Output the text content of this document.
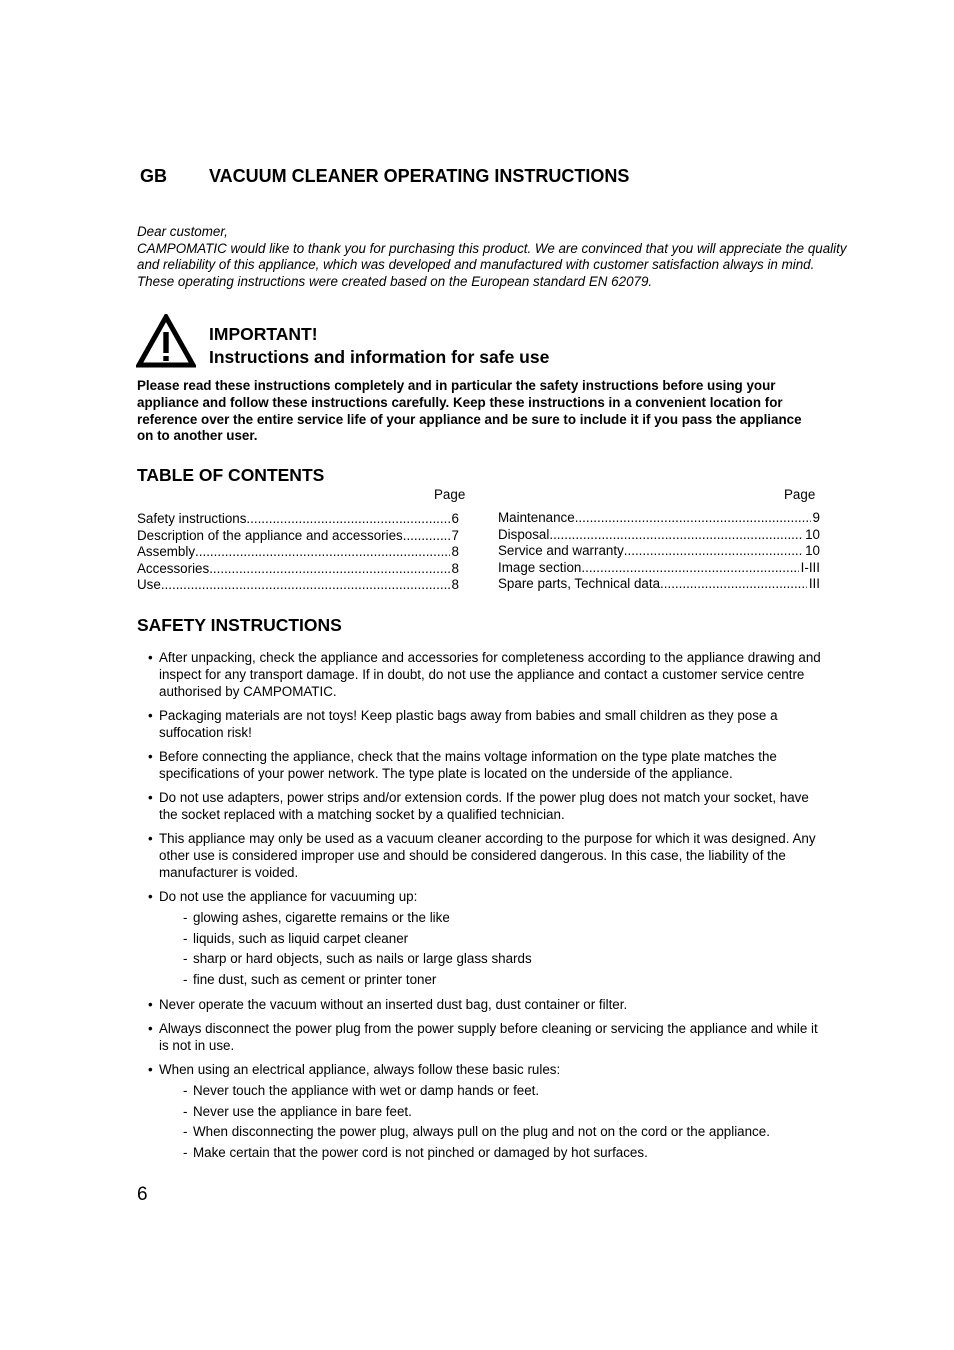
GB VACUUM CLEANER OPERATING INSTRUCTIONS

Dear customer,

CAMPOMATIC would like to thank you for purchasing this product. We are convinced that you will appreciate the quality and reliability of this appliance, which was developed and manufactured with customer satisfaction always in mind.

These operating instructions were created based on the European standard EN 62079.

IMPORTANT!
Instructions and information for safe use
Please read these instructions completely and in particular the safety instructions before using your appliance and follow these instructions carefully. Keep these instructions in a convenient location for reference over the entire service life of your appliance and be sure to include it if you pass the appliance on to another user.
TABLE OF CONTENTS
Page	Page
Safety instructions .....	6
Description of the appliance and accessories .....	7
Assembly .....	8
Accessories .....	8
Use .....	8
Maintenance .....	9
Disposal .....	10
Service and warranty .....	10
Image section .....	I-III
Spare parts, Technical data .....	III
SAFETY INSTRUCTIONS
• After unpacking, check the appliance and accessories for completeness according to the appliance drawing and inspect for any transport damage. If in doubt, do not use the appliance and contact a customer service centre authorised by CAMPOMATIC.
• Packaging materials are not toys! Keep plastic bags away from babies and small children as they pose a suffocation risk!
• Before connecting the appliance, check that the mains voltage information on the type plate matches the specifications of your power network. The type plate is located on the underside of the appliance.
• Do not use adapters, power strips and/or extension cords. If the power plug does not match your socket, have the socket replaced with a matching socket by a qualified technician.
• This appliance may only be used as a vacuum cleaner according to the purpose for which it was designed. Any other use is considered improper use and should be considered dangerous. In this case, the liability of the manufacturer is voided.
• Do not use the appliance for vacuuming up:
- glowing ashes, cigarette remains or the like
- liquids, such as liquid carpet cleaner
- sharp or hard objects, such as nails or large glass shards
- fine dust, such as cement or printer toner
• Never operate the vacuum without an inserted dust bag, dust container or filter.
• Always disconnect the power plug from the power supply before cleaning or servicing the appliance and while it is not in use.
• When using an electrical appliance, always follow these basic rules:
- Never touch the appliance with wet or damp hands or feet.
- Never use the appliance in bare feet.
- When disconnecting the power plug, always pull on the plug and not on the cord or the appliance.
- Make certain that the power cord is not pinched or damaged by hot surfaces.
6
